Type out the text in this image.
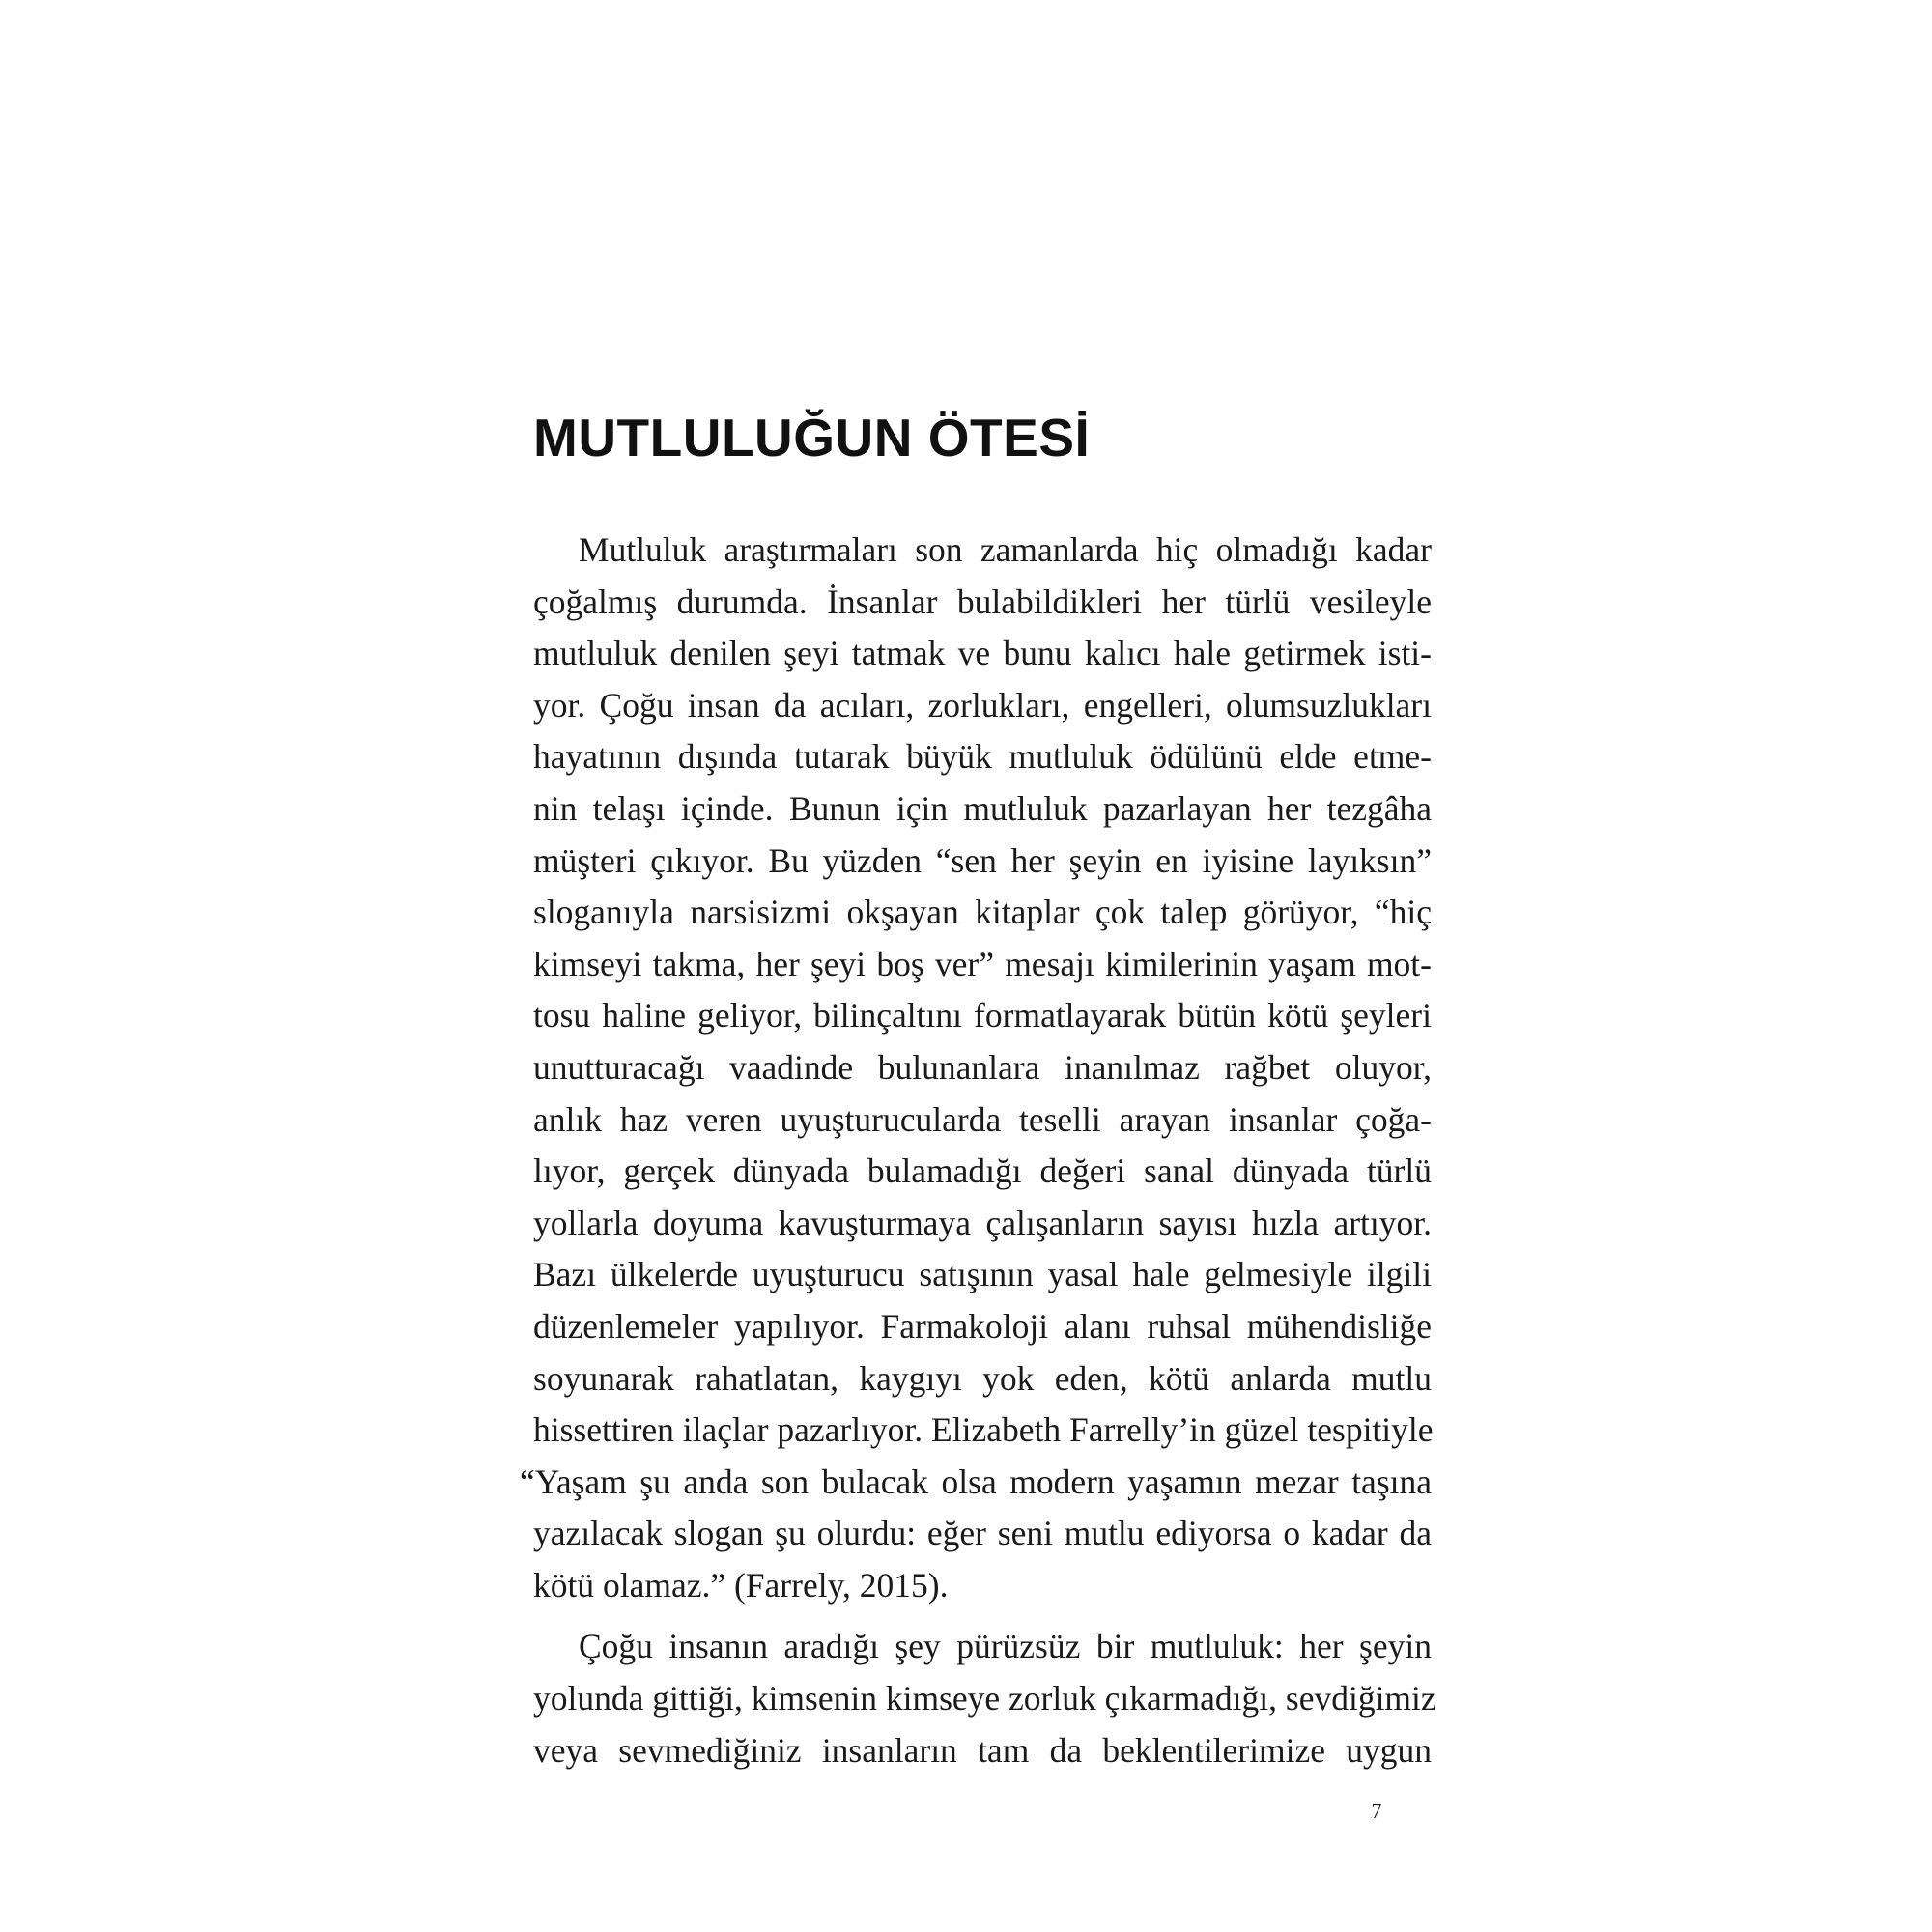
MUTLULUĞUN ÖTESİ
Mutluluk araştırmaları son zamanlarda hiç olmadığı kadar
çoğalmış durumda. İnsanlar bulabildikleri her türlü vesileyle
mutluluk denilen şeyi tatmak ve bunu kalıcı hale getirmek isti-
yor. Çoğu insan da acıları, zorlukları, engelleri, olumsuzlukları
hayatının dışında tutarak büyük mutluluk ödülünü elde etme-
nin telaşı içinde. Bunun için mutluluk pazarlayan her tezgâha
müşteri çıkıyor. Bu yüzden “sen her şeyin en iyisine layıksın”
sloganıyla narsisizmi okşayan kitaplar çok talep görüyor, “hiç
kimseyi takma, her şeyi boş ver” mesajı kimilerinin yaşam mot-
tosu haline geliyor, bilinçaltını formatlayarak bütün kötü şeyleri
unutturacağı vaadinde bulunanlara inanılmaz rağbet oluyor,
anlık haz veren uyuşturucularda teselli arayan insanlar çoğa-
lıyor, gerçek dünyada bulamadığı değeri sanal dünyada türlü
yollarla doyuma kavuşturmaya çalışanların sayısı hızla artıyor.
Bazı ülkelerde uyuşturucu satışının yasal hale gelmesiyle ilgili
düzenlemeler yapılıyor. Farmakoloji alanı ruhsal mühendisliğe
soyunarak rahatlatan, kaygıyı yok eden, kötü anlarda mutlu
hissettiren ilaçlar pazarlıyor. Elizabeth Farrelly’in güzel tespitiyle
“Yaşam şu anda son bulacak olsa modern yaşamın mezar taşına
yazılacak slogan şu olurdu: eğer seni mutlu ediyorsa o kadar da
kötü olamaz.” (Farrely, 2015).
Çoğu insanın aradığı şey pürüzsüz bir mutluluk: her şeyin
yolunda gittiği, kimsenin kimseye zorluk çıkarmadığı, sevdiğimiz
veya sevmediğiniz insanların tam da beklentilerimize uygun
7
